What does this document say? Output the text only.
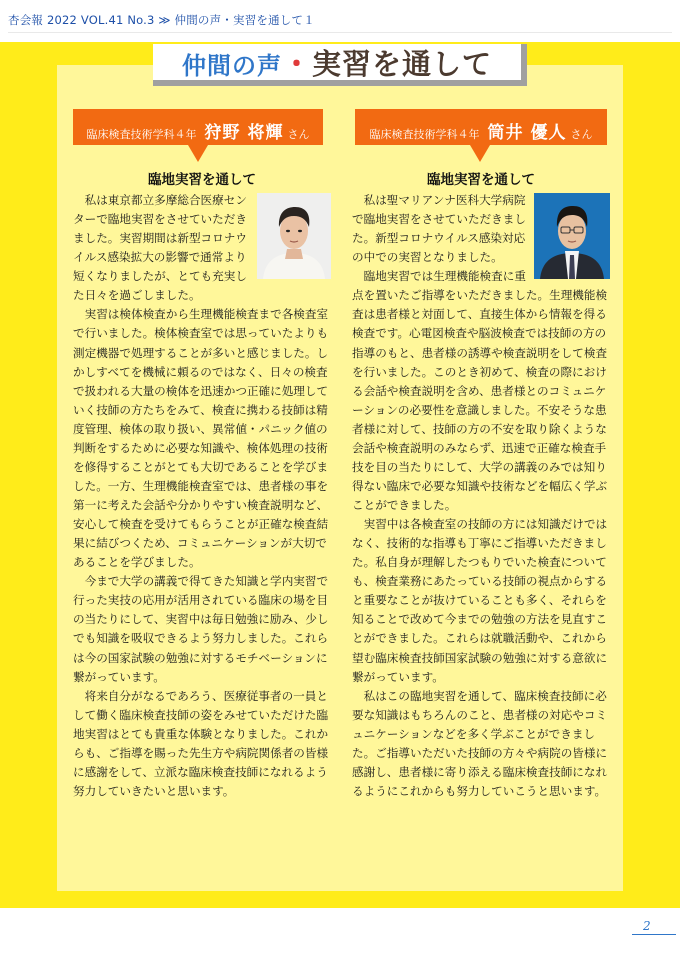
杏会報 2022 VOL.41 No.3 ≫ 仲間の声・実習を通して１
仲間の声・実習を通して
臨床検査技術学科４年 狩野 将輝 さん
臨地実習を通して

私は東京都立多摩総合医療センターで臨地実習をさせていただきました。実習期間は新型コロナウイルス感染拡大の影響で通常より短くなりましたが、とても充実した日々を過ごしました。

実習は検体検査から生理機能検査まで各検査室で行いました。検体検査室では思っていたよりも測定機器で処理することが多いと感じました。しかしすべてを機械に頼るのではなく、日々の検査で扱われる大量の検体を迅速かつ正確に処理していく技師の方たちをみて、検査に携わる技師は精度管理、検体の取り扱い、異常値・パニック値の判断をするために必要な知識や、検体処理の技術を修得することがとても大切であることを学びました。一方、生理機能検査室では、患者様の事を第一に考えた会話や分かりやすい検査説明など、安心して検査を受けてもらうことが正確な検査結果に結びつくため、コミュニケーションが大切であることを学びました。

今まで大学の講義で得てきた知識と学内実習で行った実技の応用が活用されている臨床の場を目の当たりにして、実習中は毎日勉強に励み、少しでも知識を吸収できるよう努力しました。これらは今の国家試験の勉強に対するモチベーションに繋がっています。

将来自分がなるであろう、医療従事者の一員として働く臨床検査技師の姿をみせていただけた臨地実習はとても貴重な体験となりました。これからも、ご指導を賜った先生方や病院関係者の皆様に感謝をして、立派な臨床検査技師になれるよう努力していきたいと思います。

臨床検査技術学科４年 筒井 優人 さん
臨地実習を通して

私は聖マリアンナ医科大学病院で臨地実習をさせていただきました。新型コロナウイルス感染対応の中での実習となりました。

臨地実習では生理機能検査に重点を置いたご指導をいただきました。生理機能検査は患者様と対面して、直接生体から情報を得る検査です。心電図検査や脳波検査では技師の方の指導のもと、患者様の誘導や検査説明をして検査を行いました。このとき初めて、検査の際における会話や検査説明を含め、患者様とのコミュニケーションの必要性を意識しました。不安そうな患者様に対して、技師の方の不安を取り除くような会話や検査説明のみならず、迅速で正確な検査手技を目の当たりにして、大学の講義のみでは知り得ない臨床で必要な知識や技術などを幅広く学ぶことができました。

実習中は各検査室の技師の方には知識だけではなく、技術的な指導も丁寧にご指導いただきました。私自身が理解したつもりでいた検査についても、検査業務にあたっている技師の視点からすると重要なことが抜けていることも多く、それらを知ることで改めて今までの勉強の方法を見直すことができました。これらは就職活動や、これから望む臨床検査技師国家試験の勉強に対する意欲に繋がっています。

私はこの臨地実習を通して、臨床検査技師に必要な知識はもちろんのこと、患者様の対応やコミュニケーションなどを多く学ぶことができました。ご指導いただいた技師の方々や病院の皆様に感謝し、患者様に寄り添える臨床検査技師になれるようにこれからも努力していこうと思います。

2
